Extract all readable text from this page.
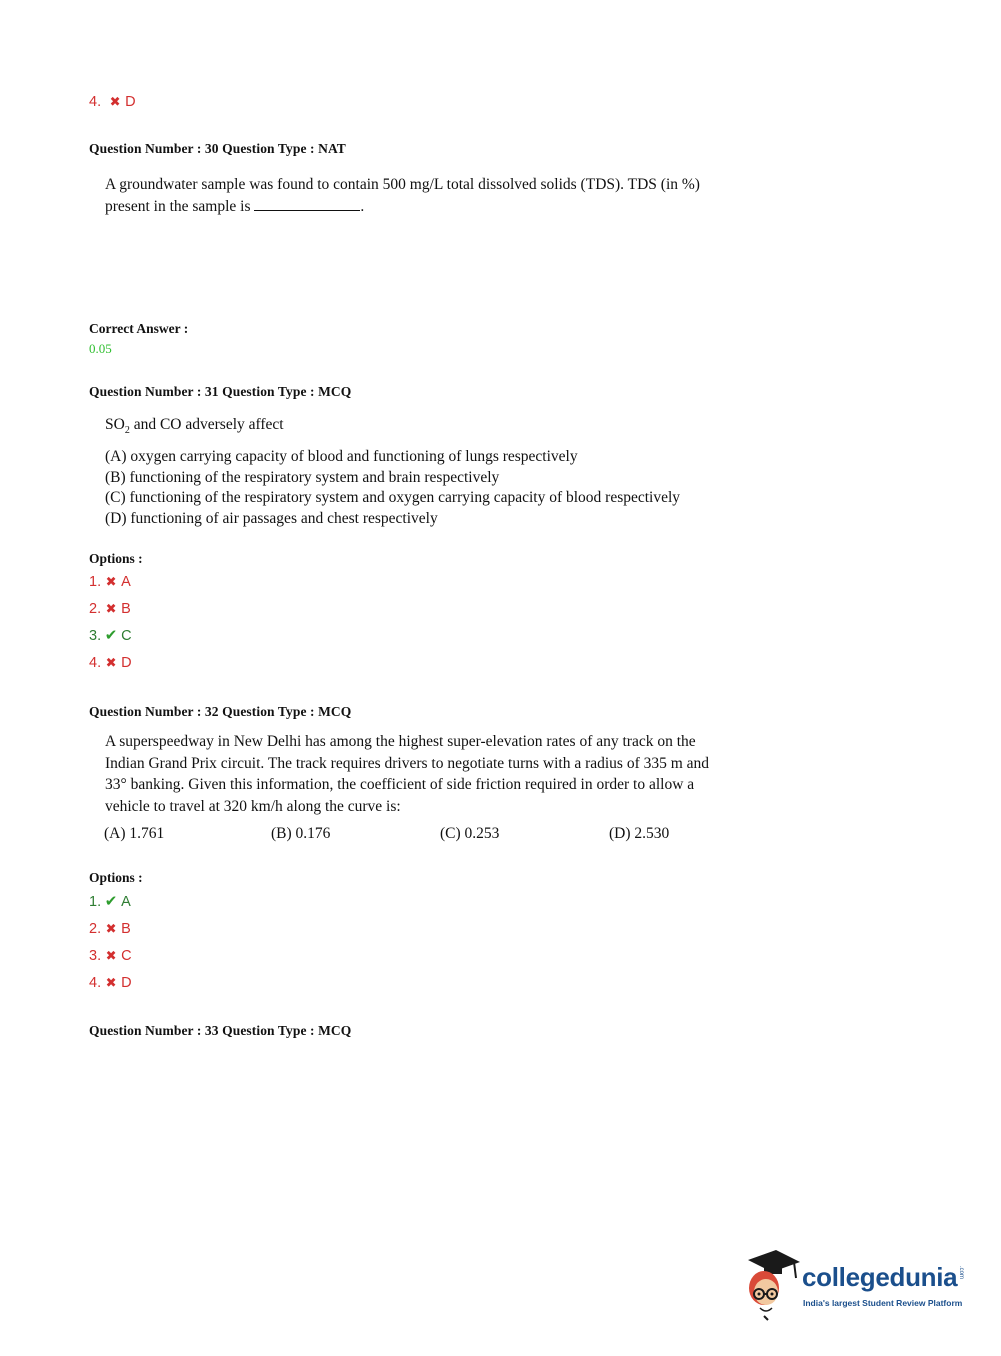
4. ✖ D
Question Number : 30 Question Type : NAT
A groundwater sample was found to contain 500 mg/L total dissolved solids (TDS). TDS (in %)
present in the sample is	.
Correct Answer :
0.05
Question Number : 31 Question Type : MCQ
$SO_2$ and CO adversely affect
(A) oxygen carrying capacity of blood and functioning of lungs respectively
(B) functioning of the respiratory system and brain respectively
(C) functioning of the respiratory system and oxygen carrying capacity of blood respectively
(D) functioning of air passages and chest respectively
Options :
1. ✖ A
2. ✖ B
3. ✔ C
4. ✖ D
Question Number : 32 Question Type : MCQ
A superspeedway in New Delhi has among the highest super-elevation rates of any track on the
Indian Grand Prix circuit. The track requires drivers to negotiate turns with a radius of 335 m and
33° banking. Given this information, the coefficient of side friction required in order to allow a
vehicle to travel at 320 km/h along the curve is:
(A) 1.761	(B) 0.176	(C) 0.253	(D) 2.530
Options :
1. ✔ A
2. ✖ B
3. ✖ C
4. ✖ D
Question Number : 33 Question Type : MCQ
collegedunia .com
India's largest Student Review Platform
